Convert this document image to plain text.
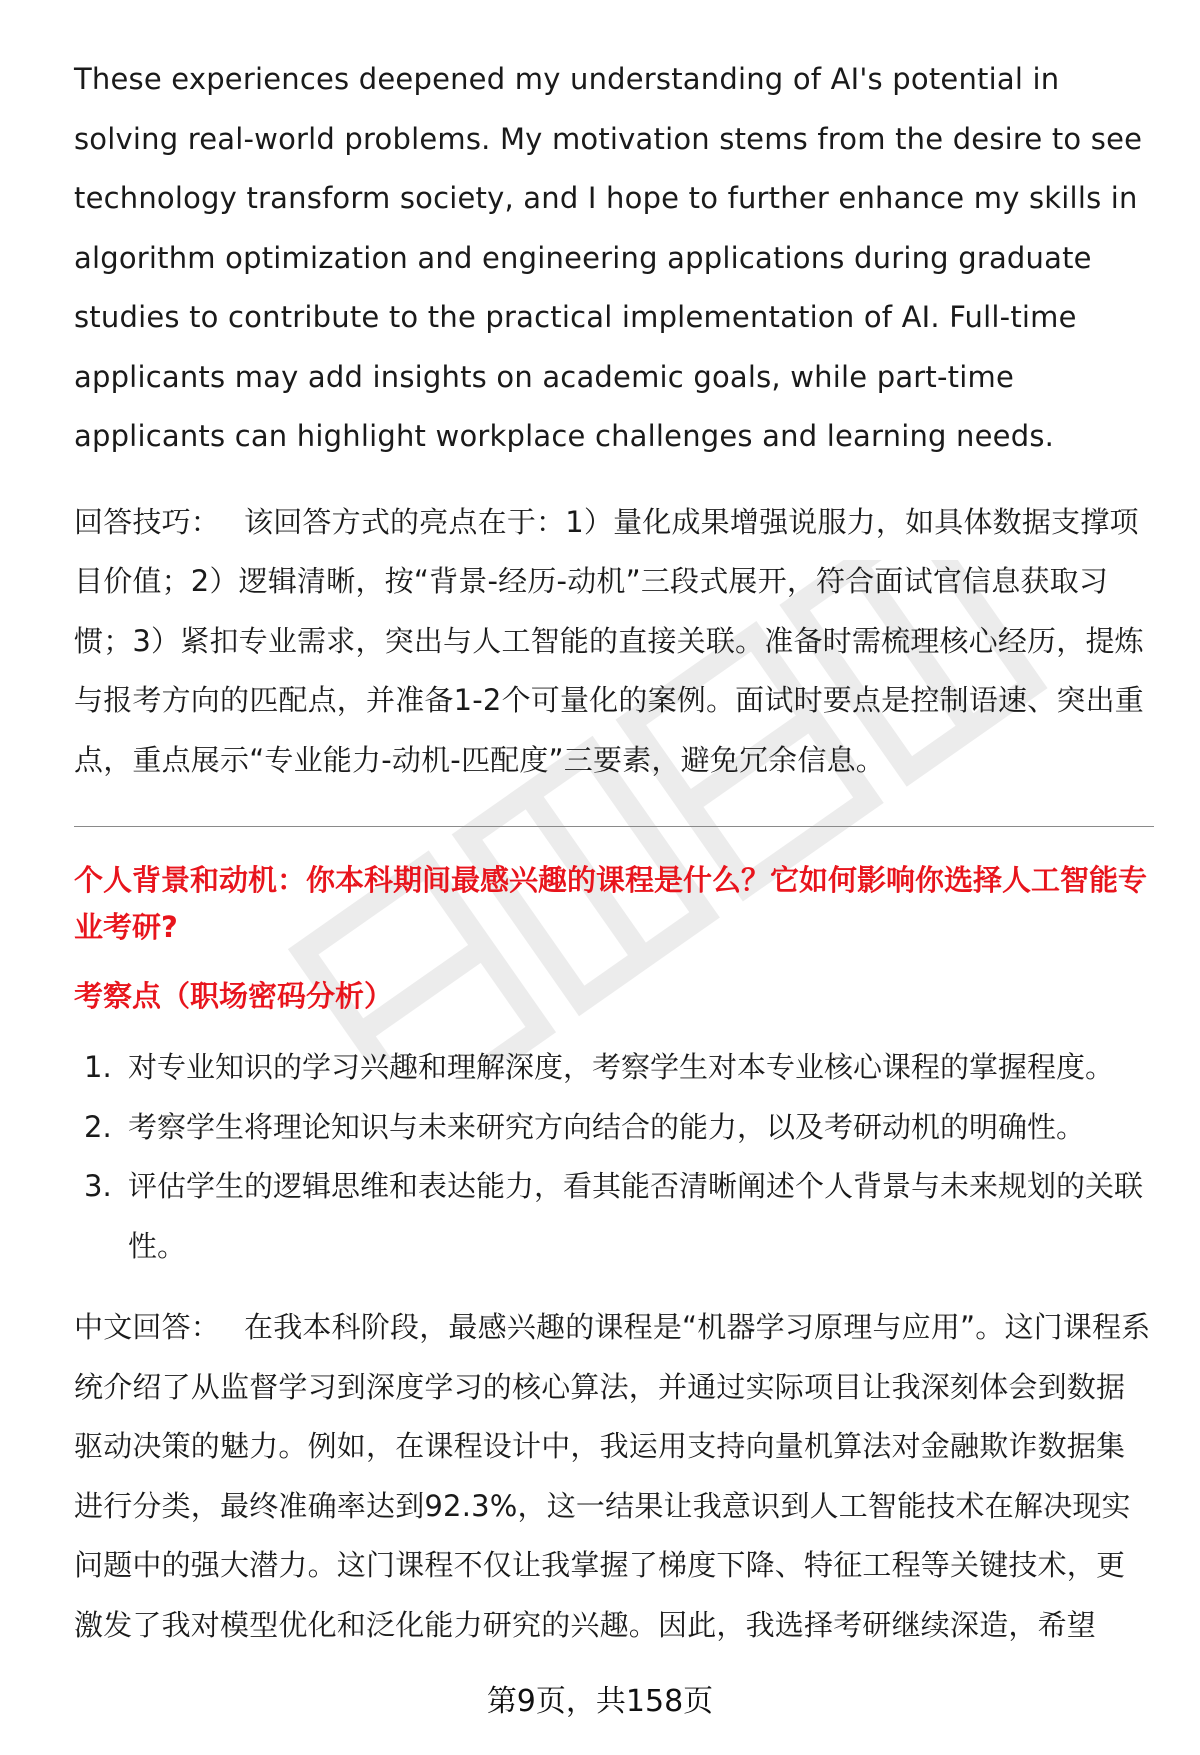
These experiences deepened my understanding of AI's potential in solving real-world problems. My motivation stems from the desire to see technology transform society, and I hope to further enhance my skills in algorithm optimization and engineering applications during graduate studies to contribute to the practical implementation of AI. Full-time applicants may add insights on academic goals, while part-time applicants can highlight workplace challenges and learning needs.

回答技巧： 该回答方式的亮点在于：1）量化成果增强说服力，如具体数据支撑项目价值；2）逻辑清晰，按“背景-经历-动机”三段式展开，符合面试官信息获取习惯；3）紧扣专业需求，突出与人工智能的直接关联。准备时需梳理核心经历，提炼与报考方向的匹配点，并准备1-2个可量化的案例。面试时要点是控制语速、突出重点，重点展示“专业能力-动机-匹配度”三要素，避免冗余信息。

个人背景和动机：你本科期间最感兴趣的课程是什么？它如何影响你选择人工智能专业考研?
考察点（职场密码分析）
1. 对专业知识的学习兴趣和理解深度，考察学生对本专业核心课程的掌握程度。
2. 考察学生将理论知识与未来研究方向结合的能力，以及考研动机的明确性。
3. 评估学生的逻辑思维和表达能力，看其能否清晰阐述个人背景与未来规划的关联性。

中文回答： 在我本科阶段，最感兴趣的课程是“机器学习原理与应用”。这门课程系统介绍了从监督学习到深度学习的核心算法，并通过实际项目让我深刻体会到数据驱动决策的魅力。例如，在课程设计中，我运用支持向量机算法对金融欺诈数据集进行分类，最终准确率达到92.3%，这一结果让我意识到人工智能技术在解决现实问题中的强大潜力。这门课程不仅让我掌握了梯度下降、特征工程等关键技术，更激发了我对模型优化和泛化能力研究的兴趣。因此，我选择考研继续深造，希望

第9页，共158页
